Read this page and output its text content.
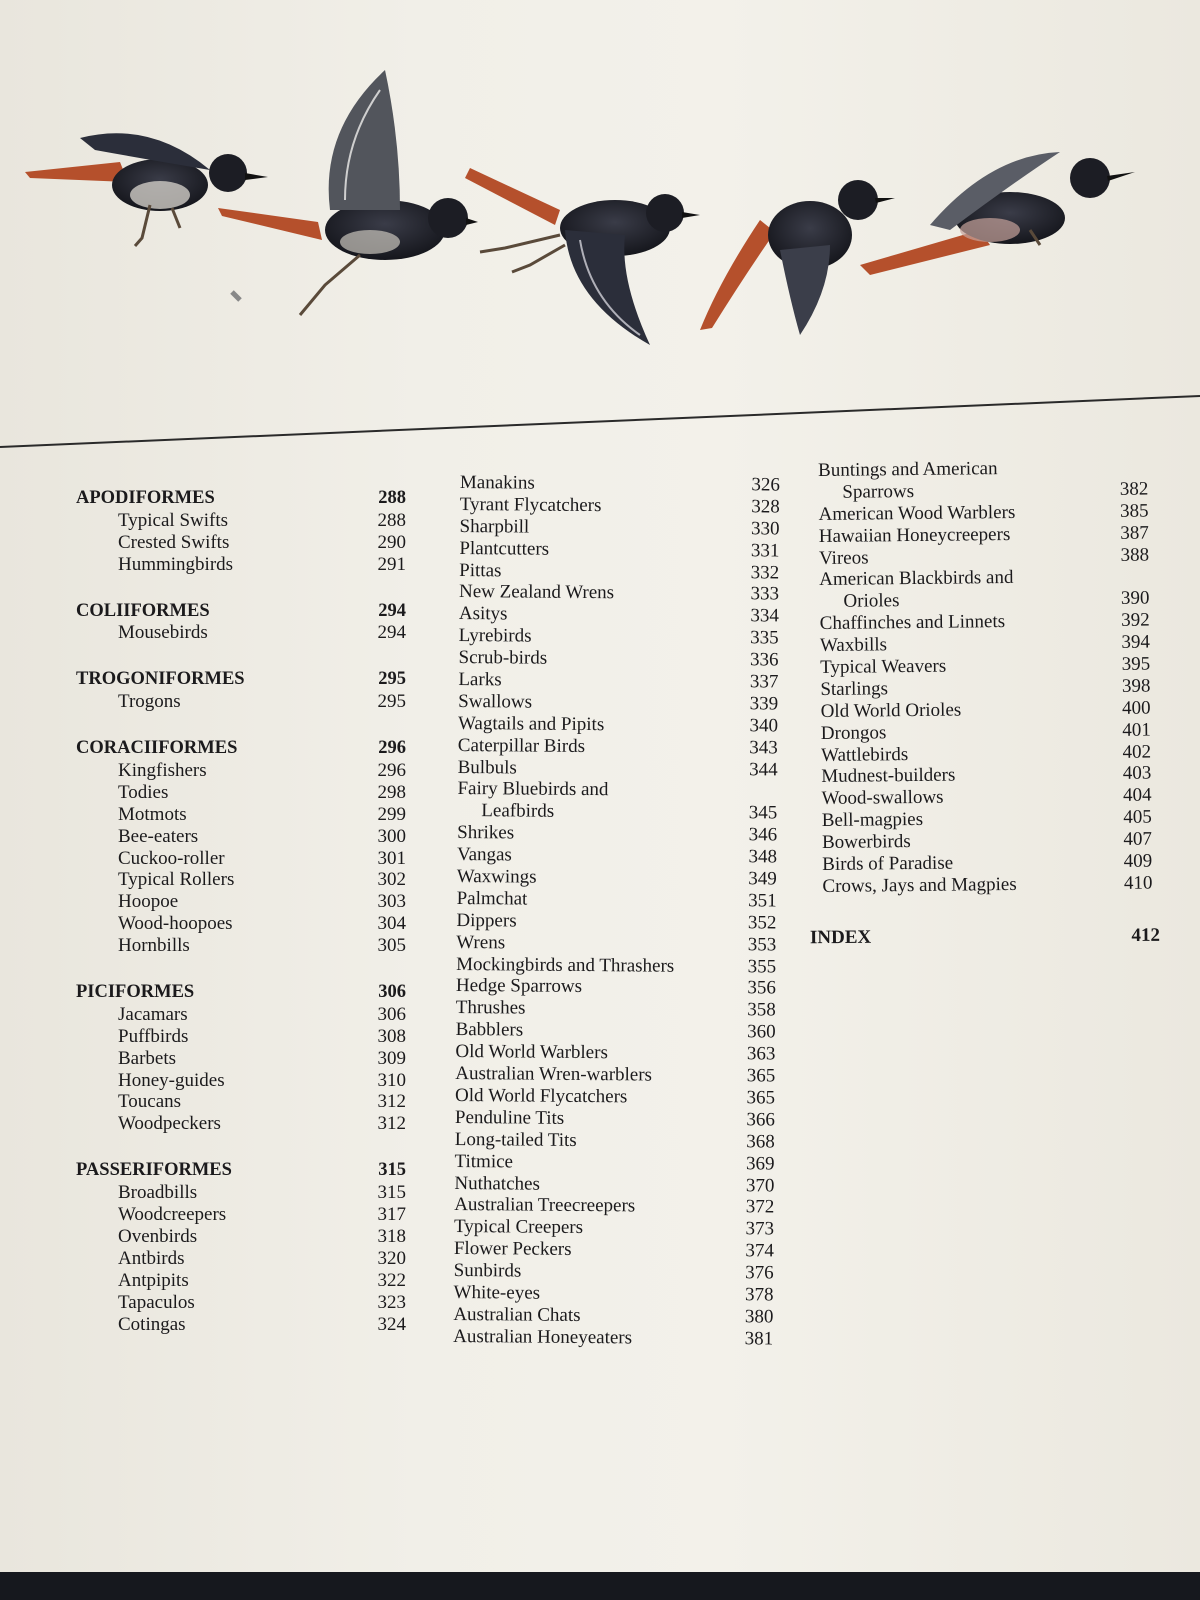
APODIFORMES	288
Typical Swifts	288
Crested Swifts	290
Hummingbirds	291
COLIIFORMES	294
Mousebirds	294
TROGONIFORMES	295
Trogons	295
CORACIIFORMES	296
Kingfishers	296
Todies	298
Motmots	299
Bee-eaters	300
Cuckoo-roller	301
Typical Rollers	302
Hoopoe	303
Wood-hoopoes	304
Hornbills	305
PICIFORMES	306
Jacamars	306
Puffbirds	308
Barbets	309
Honey-guides	310
Toucans	312
Woodpeckers	312
PASSERIFORMES	315
Broadbills	315
Woodcreepers	317
Ovenbirds	318
Antbirds	320
Antpipits	322
Tapaculos	323
Cotingas	324
Manakins	326
Tyrant Flycatchers	328
Sharpbill	330
Plantcutters	331
Pittas	332
New Zealand Wrens	333
Asitys	334
Lyrebirds	335
Scrub-birds	336
Larks	337
Swallows	339
Wagtails and Pipits	340
Caterpillar Birds	343
Bulbuls	344
Fairy Bluebirds and
Leafbirds	345
Shrikes	346
Vangas	348
Waxwings	349
Palmchat	351
Dippers	352
Wrens	353
Mockingbirds and Thrashers	355
Hedge Sparrows	356
Thrushes	358
Babblers	360
Old World Warblers	363
Australian Wren-warblers	365
Old World Flycatchers	365
Penduline Tits	366
Long-tailed Tits	368
Titmice	369
Nuthatches	370
Australian Treecreepers	372
Typical Creepers	373
Flower Peckers	374
Sunbirds	376
White-eyes	378
Australian Chats	380
Australian Honeyeaters	381
Buntings and American
Sparrows	382
American Wood Warblers	385
Hawaiian Honeycreepers	387
Vireos	388
American Blackbirds and
Orioles	390
Chaffinches and Linnets	392
Waxbills	394
Typical Weavers	395
Starlings	398
Old World Orioles	400
Drongos	401
Wattlebirds	402
Mudnest-builders	403
Wood-swallows	404
Bell-magpies	405
Bowerbirds	407
Birds of Paradise	409
Crows, Jays and Magpies	410
INDEX	412
